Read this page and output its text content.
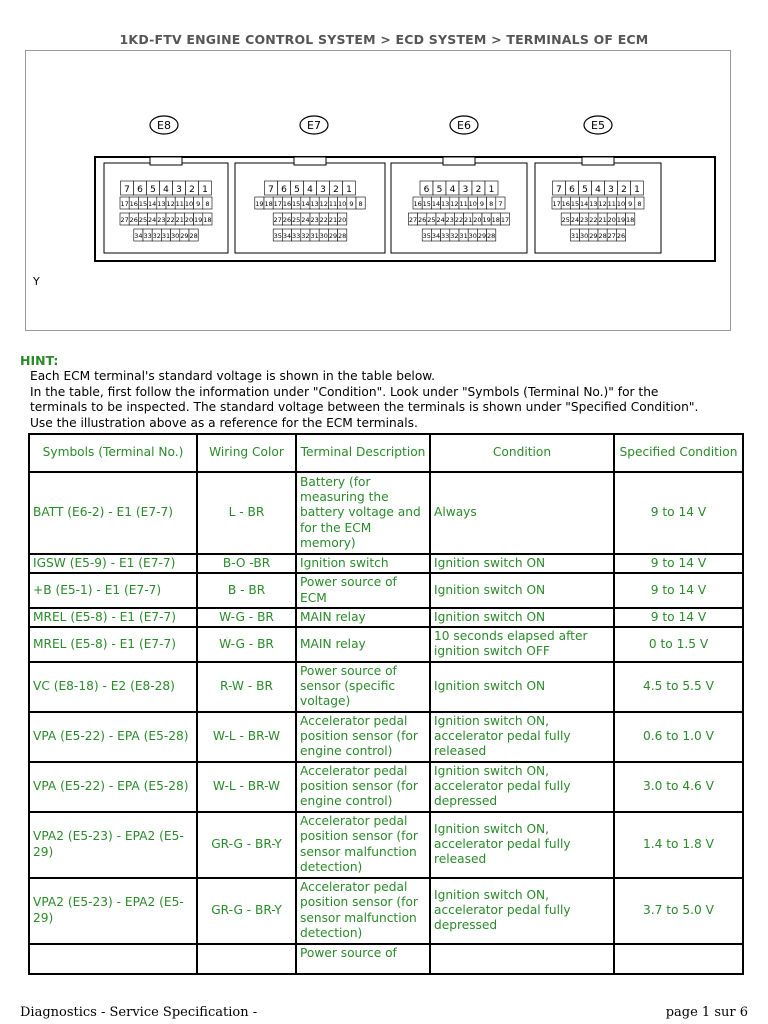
1KD-FTV ENGINE CONTROL SYSTEM > ECD SYSTEM > TERMINALS OF ECM
E8
7 6 5 4 3 2 1
17 16 15 14 13 12 11 10 9 8
27 26 25 24 23 22 21 20 19 18
34 33 32 31 30 29 28
E7
7 6 5 4 3 2 1
19 18 17 16 15 14 13 12 11 10 9 8
27 26 25 24 23 22 21 20
35 34 33 32 31 30 29 28
E6
6 5 4 3 2 1
16 15 14 13 12 11 10 9 8 7
27 26 25 24 23 22 21 20 19 18 17
35 34 33 32 31 30 29 28
E5
7 6 5 4 3 2 1
17 16 15 14 13 12 11 10 9 8
25 24 23 22 21 20 19 18
31 30 29 28 27 26
Y
HINT:
Each ECM terminal's standard voltage is shown in the table below.
In the table, first follow the information under "Condition". Look under "Symbols (Terminal No.)" for the
terminals to be inspected. The standard voltage between the terminals is shown under "Specified Condition".
Use the illustration above as a reference for the ECM terminals.
Symbols (Terminal No.)	Wiring Color	Terminal Description	Condition	Specified Condition
BATT (E6-2) - E1 (E7-7)	L - BR	Battery (for measuring the battery voltage and for the ECM memory)	Always	9 to 14 V
IGSW (E5-9) - E1 (E7-7)	B-O -BR	Ignition switch	Ignition switch ON	9 to 14 V
+B (E5-1) - E1 (E7-7)	B - BR	Power source of ECM	Ignition switch ON	9 to 14 V
MREL (E5-8) - E1 (E7-7)	W-G - BR	MAIN relay	Ignition switch ON	9 to 14 V
MREL (E5-8) - E1 (E7-7)	W-G - BR	MAIN relay	10 seconds elapsed after ignition switch OFF	0 to 1.5 V
VC (E8-18) - E2 (E8-28)	R-W - BR	Power source of sensor (specific voltage)	Ignition switch ON	4.5 to 5.5 V
VPA (E5-22) - EPA (E5-28)	W-L - BR-W	Accelerator pedal position sensor (for engine control)	Ignition switch ON, accelerator pedal fully released	0.6 to 1.0 V
VPA (E5-22) - EPA (E5-28)	W-L - BR-W	Accelerator pedal position sensor (for engine control)	Ignition switch ON, accelerator pedal fully depressed	3.0 to 4.6 V
VPA2 (E5-23) - EPA2 (E5-29)	GR-G - BR-Y	Accelerator pedal position sensor (for sensor malfunction detection)	Ignition switch ON, accelerator pedal fully released	1.4 to 1.8 V
VPA2 (E5-23) - EPA2 (E5-29)	GR-G - BR-Y	Accelerator pedal position sensor (for sensor malfunction detection)	Ignition switch ON, accelerator pedal fully depressed	3.7 to 5.0 V
		Power source of		
Diagnostics - Service Specification -	page 1 sur 6
